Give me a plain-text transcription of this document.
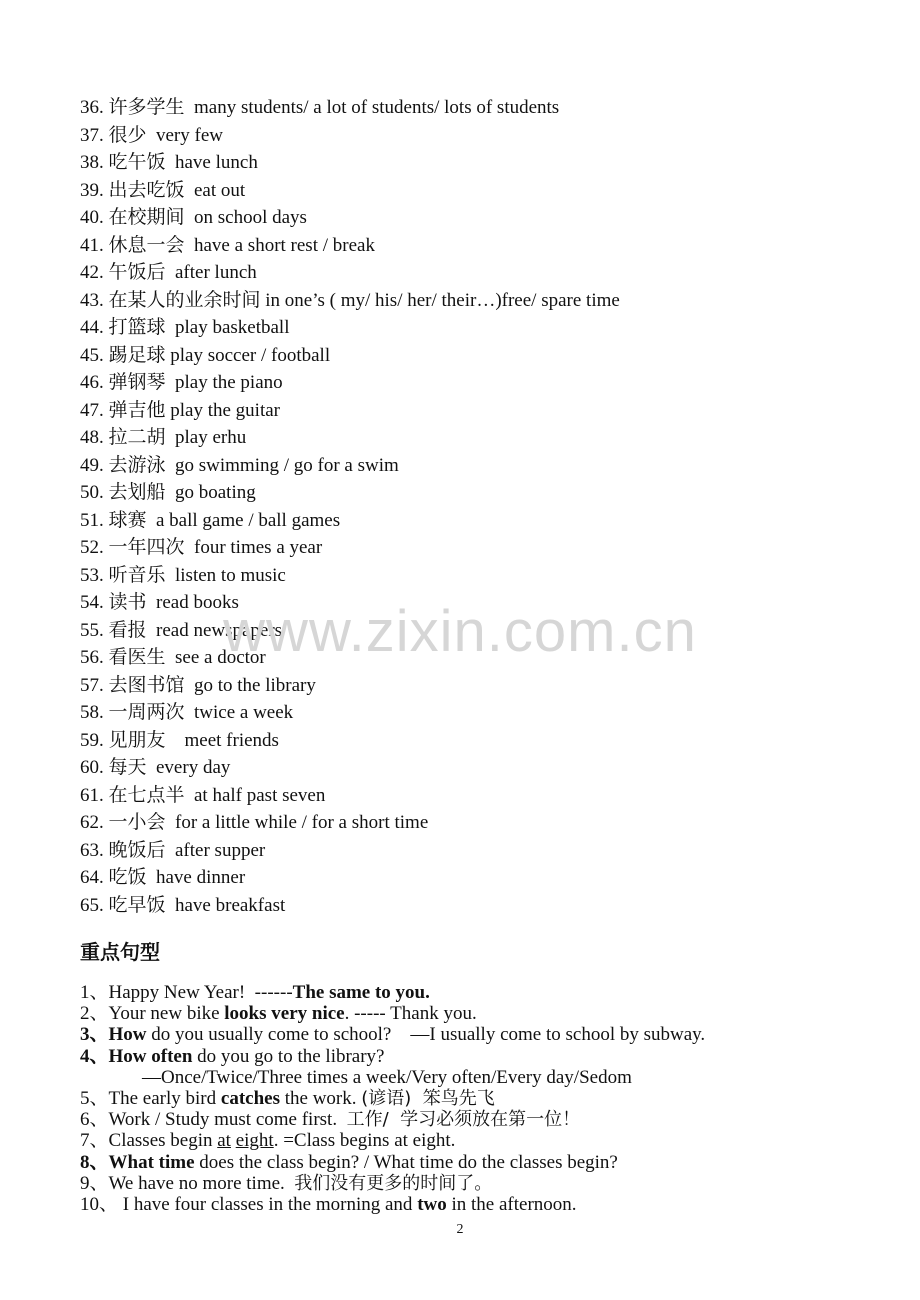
36. 许多学生  many students/ a lot of students/ lots of students
37. 很少  very few
38. 吃午饭  have lunch
39. 出去吃饭  eat out
40. 在校期间  on school days
41. 休息一会  have a short rest / break
42. 午饭后  after lunch
43. 在某人的业余时间 in one’s ( my/ his/ her/ their…)free/ spare time
44. 打篮球  play basketball
45. 踢足球 play soccer / football
46. 弹钢琴  play the piano
47. 弹吉他 play the guitar
48. 拉二胡  play erhu
49. 去游泳  go swimming / go for a swim
50. 去划船  go boating
51. 球赛  a ball game / ball games
52. 一年四次  four times a year
53. 听音乐  listen to music
54. 读书  read books
55. 看报  read newspapers
56. 看医生  see a doctor
57. 去图书馆  go to the library
58. 一周两次  twice a week
59. 见朋友    meet friends
60. 每天  every day
61. 在七点半  at half past seven
62. 一小会  for a little while / for a short time
63. 晚饭后  after supper
64. 吃饭  have dinner
65. 吃早饭  have breakfast
www.zixin.com.cn
重点句型
1、Happy New Year!  ------The same to you.
2、Your new bike looks very nice. ----- Thank you.
3、How do you usually come to school?    —I usually come to school by subway.
4、How often do you go to the library?
—Once/Twice/Three times a week/Very often/Every day/Sedom
5、The early bird catches the work. (谚语)  笨鸟先飞
6、Work / Study must come first.  工作/  学习必须放在第一位！
7、Classes begin at eight. =Class begins at eight.
8、What time does the class begin? / What time do the classes begin?
9、We have no more time.  我们没有更多的时间了。
10、 I have four classes in the morning and two in the afternoon.
2
